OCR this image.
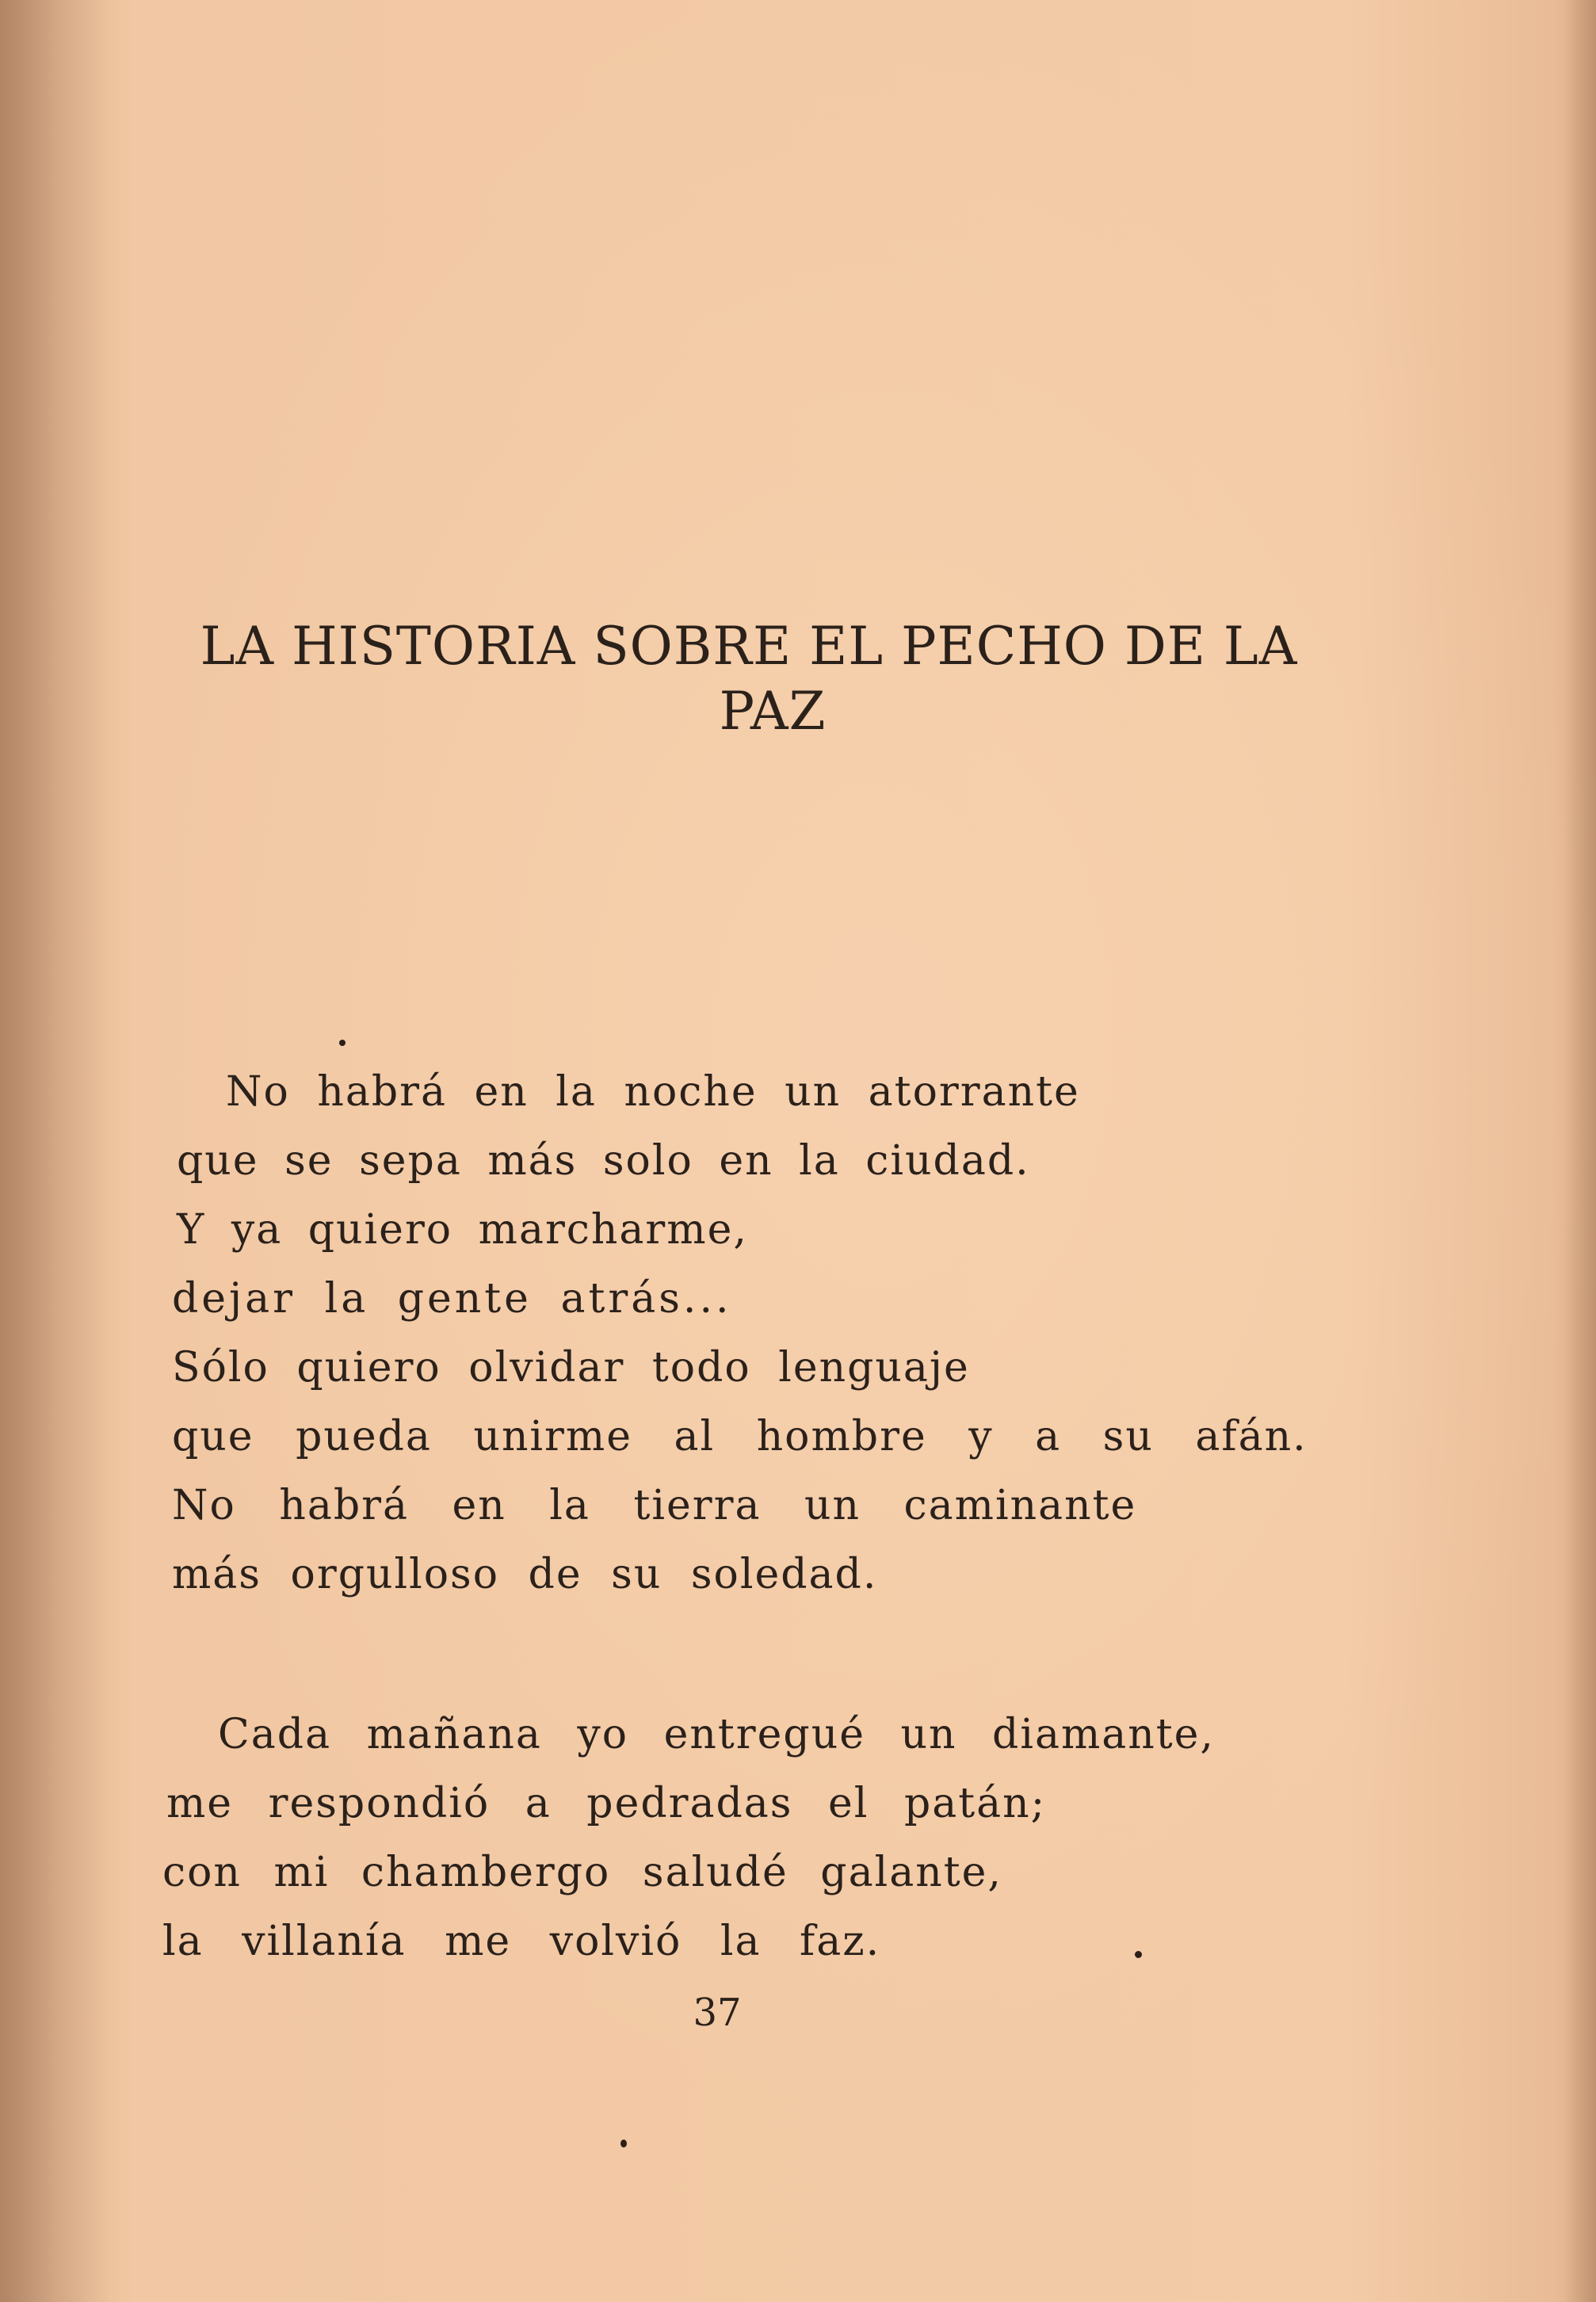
LA HISTORIA SOBRE EL PECHO DE LA
PAZ
No habrá en la noche un atorrante
que se sepa más solo en la ciudad.
Y ya quiero marcharme,
dejar la gente atrás...
Sólo quiero olvidar todo lenguaje
que pueda unirme al hombre y a su afán.
No habrá en la tierra un caminante
más orgulloso de su soledad.
Cada mañana yo entregué un diamante,
me respondió a pedradas el patán;
con mi chambergo saludé galante,
la villanía me volvió la faz.
37
